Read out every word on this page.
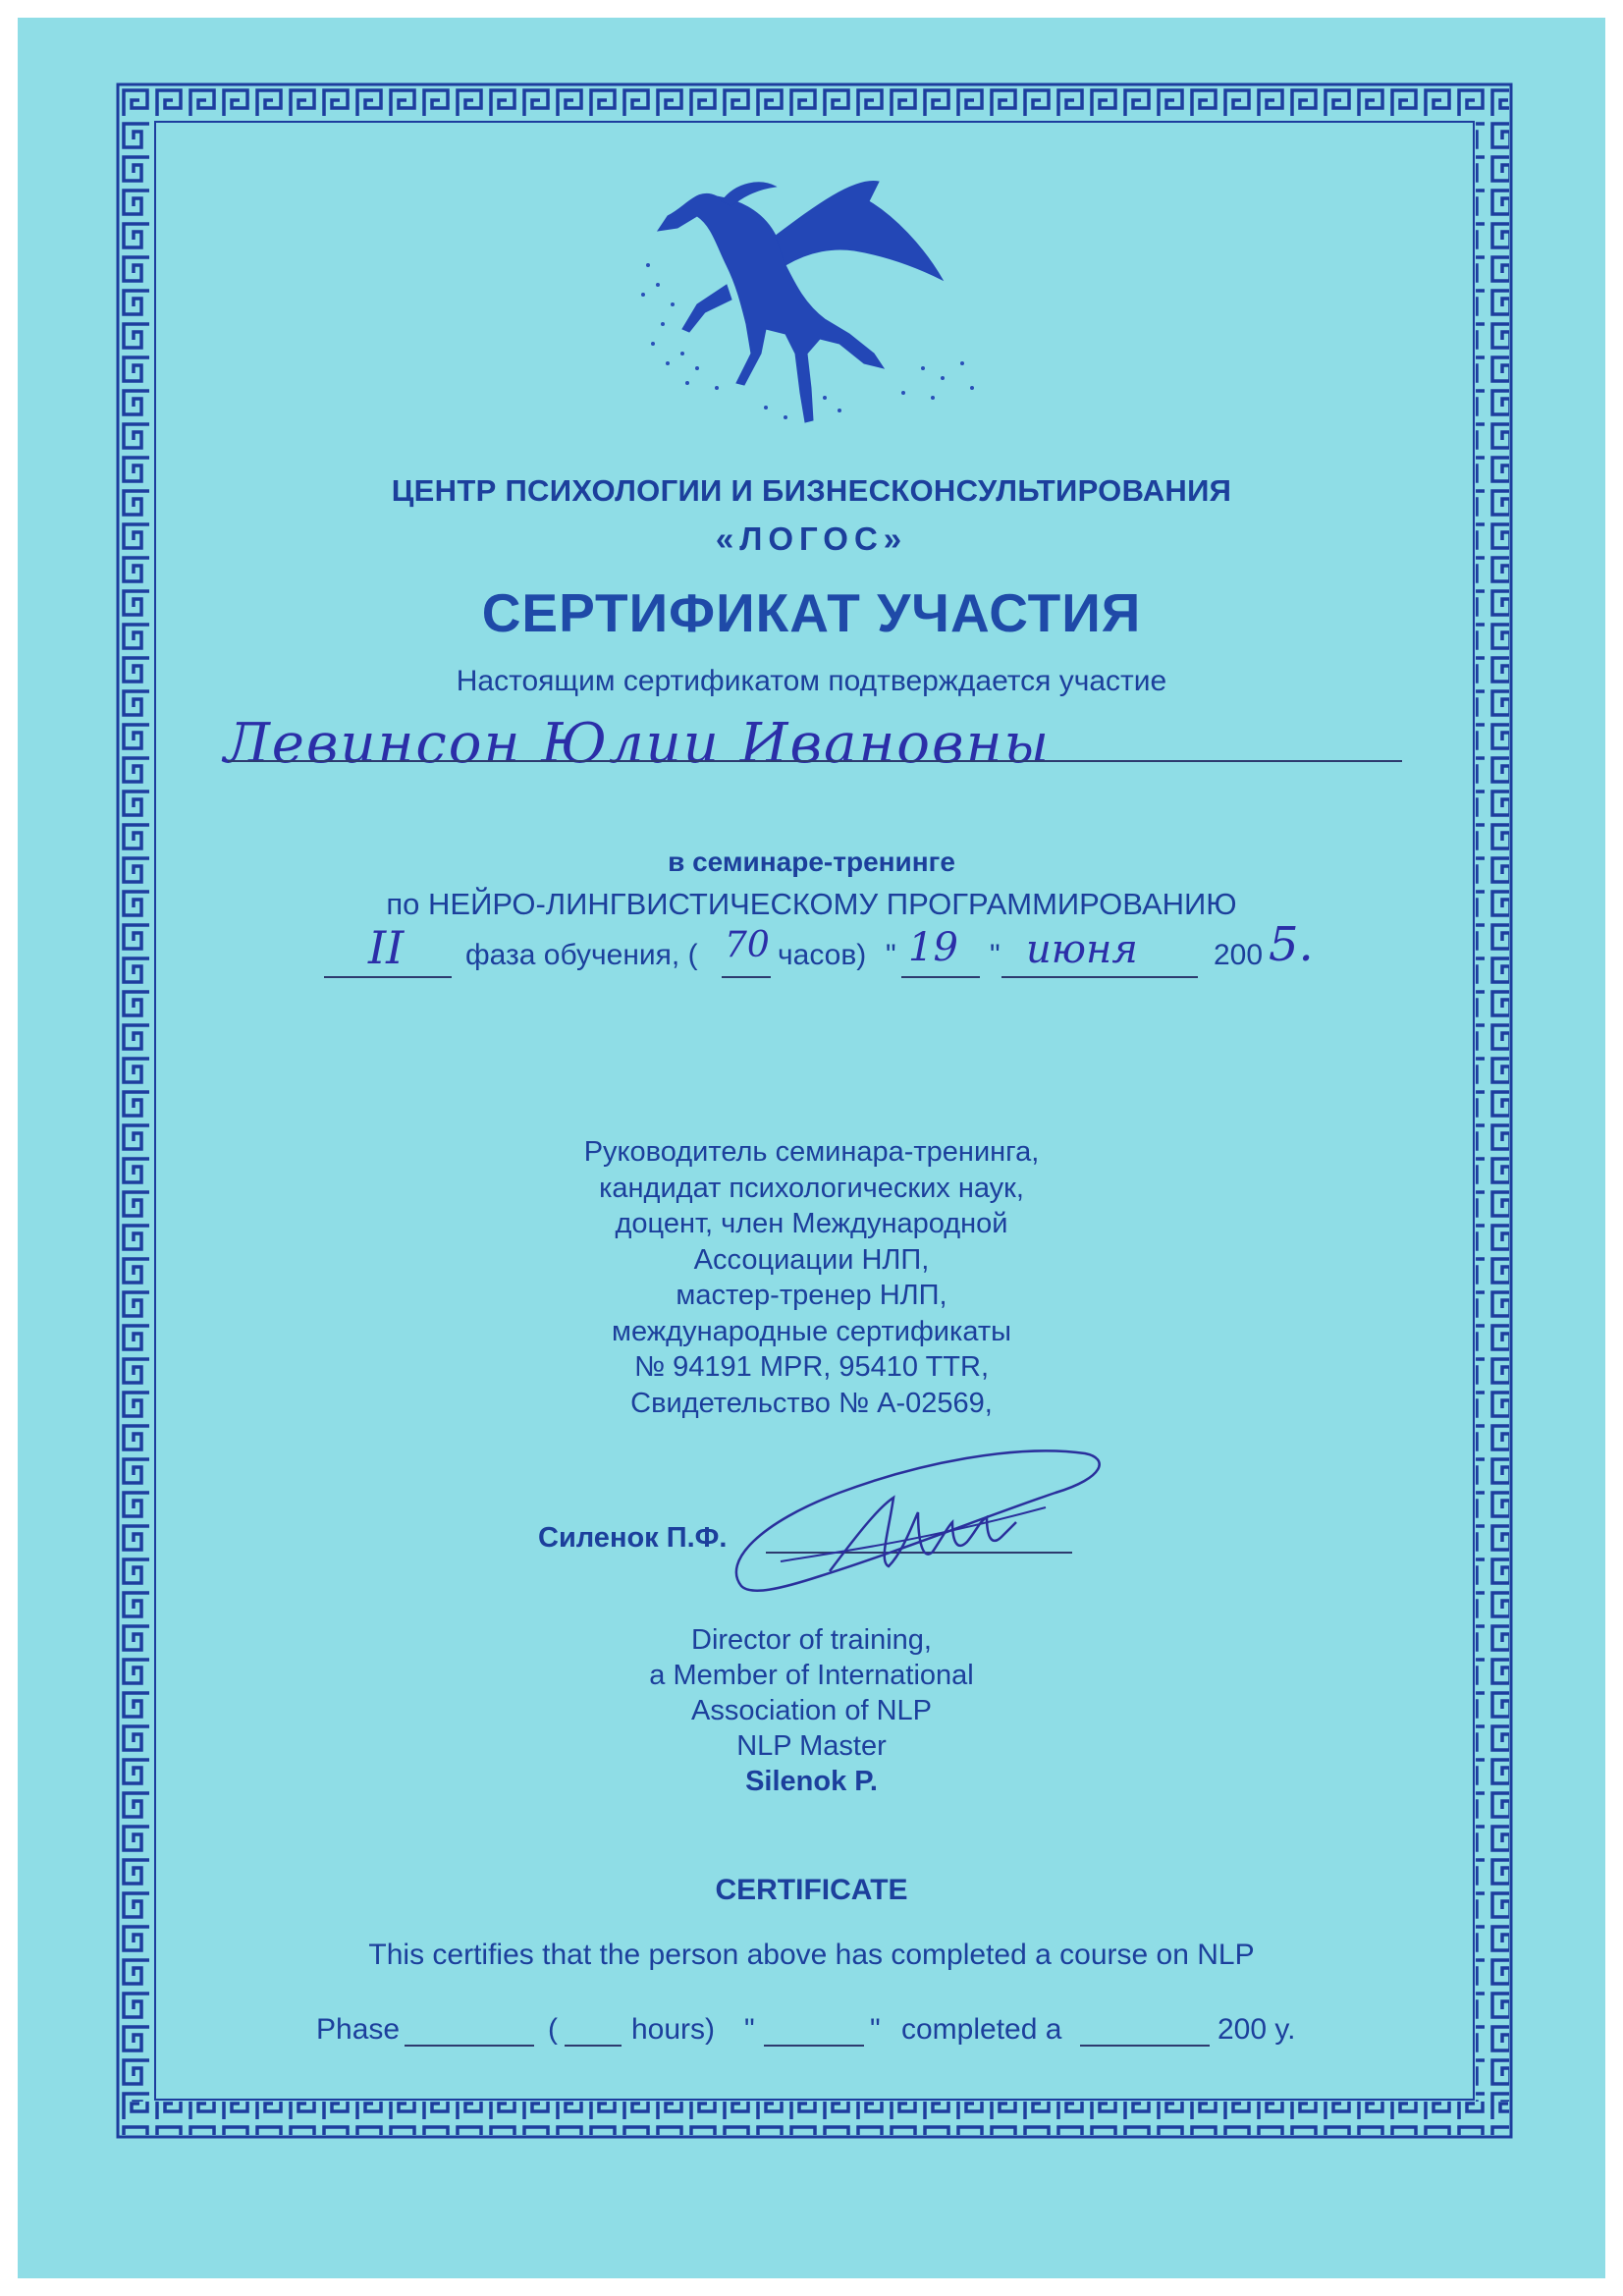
ЦЕНТР ПСИХОЛОГИИ И БИЗНЕСКОНСУЛЬТИРОВАНИЯ
«ЛОГОС»
СЕРТИФИКАТ УЧАСТИЯ
Настоящим сертификатом подтверждается участие
Левинсон Юлии Ивановны
в семинаре-тренинге
по НЕЙРО-ЛИНГВИСТИЧЕСКОМУ ПРОГРАММИРОВАНИЮ
II фаза обучения, ( 70 часов) " 19 " июня	200 5.
Руководитель семинара-тренинга,
кандидат психологических наук,
доцент, член Международной
Ассоциации НЛП,
мастер-тренер НЛП,
международные сертификаты
№ 94191 MPR, 95410 TTR,
Свидетельство № A-02569,
Силенок П.Ф.
Director of training,
a Member of International
Association of NLP
NLP Master
Silenok P.
CERTIFICATE
This certifies that the person above has completed a course on NLP
Phase	(	hours) "	" completed a	200 y.
